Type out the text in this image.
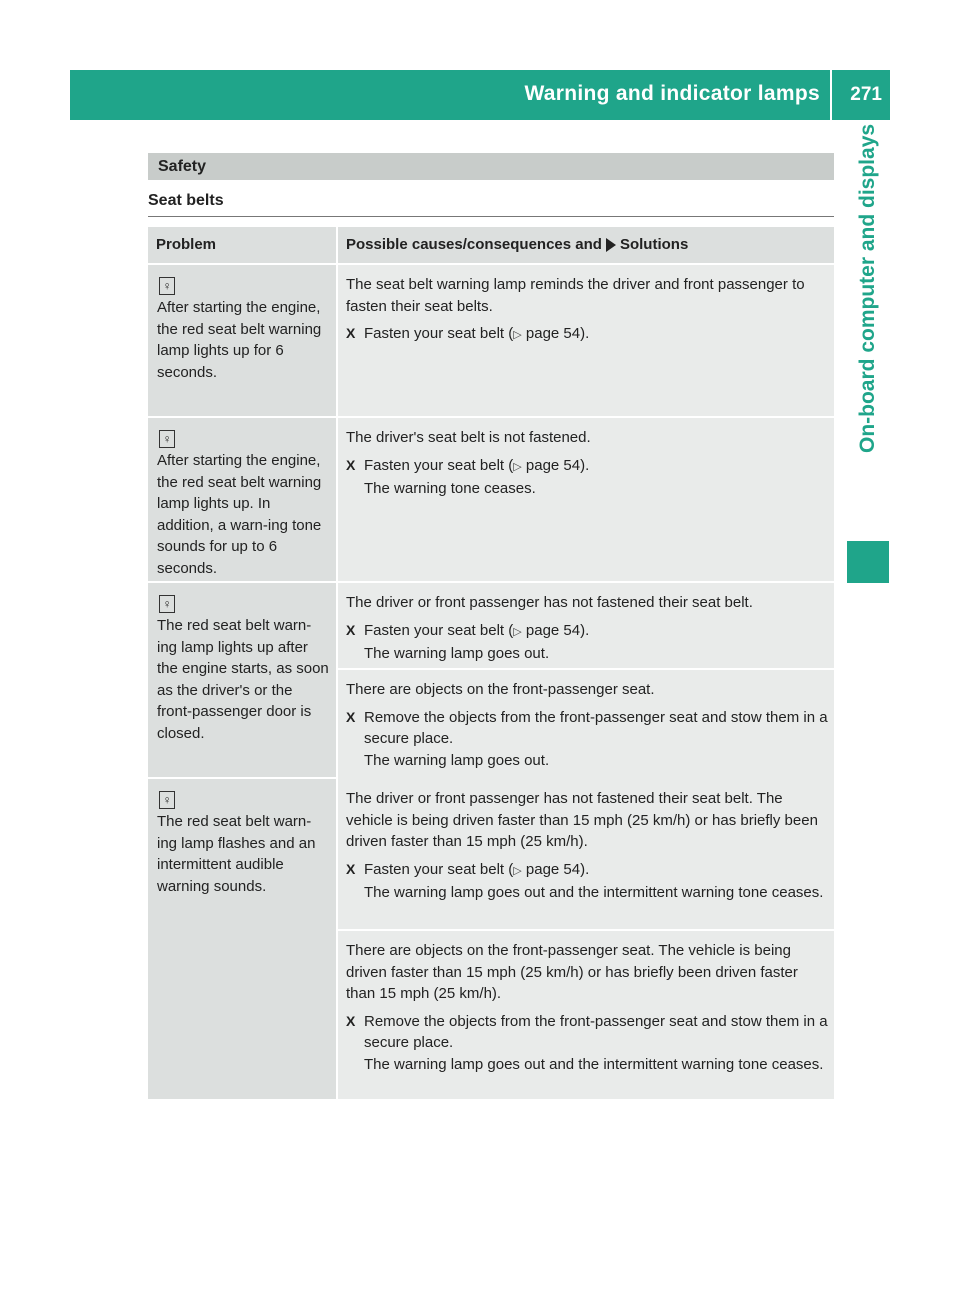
Warning and indicator lamps 271
On-board computer and displays
Safety
Seat belts
Problem	Possible causes/consequences and Solutions
♀
After starting the engine, the red seat belt warning lamp lights up for 6 seconds.
The seat belt warning lamp reminds the driver and front passenger to fasten their seat belts.
X Fasten your seat belt (▷ page 54).
♀
After starting the engine, the red seat belt warning lamp lights up. In addition, a warn-ing tone sounds for up to 6 seconds.
The driver's seat belt is not fastened.
X Fasten your seat belt (▷ page 54).
The warning tone ceases.
♀
The red seat belt warn-ing lamp lights up after the engine starts, as soon as the driver's or the front-passenger door is closed.
The driver or front passenger has not fastened their seat belt.
X Fasten your seat belt (▷ page 54).
The warning lamp goes out.
There are objects on the front-passenger seat.
X Remove the objects from the front-passenger seat and stow them in a secure place.
The warning lamp goes out.
♀
The red seat belt warn-ing lamp flashes and an intermittent audible warning sounds.
The driver or front passenger has not fastened their seat belt. The vehicle is being driven faster than 15 mph (25 km/h) or has briefly been driven faster than 15 mph (25 km/h).
X Fasten your seat belt (▷ page 54).
The warning lamp goes out and the intermittent warning tone ceases.
There are objects on the front-passenger seat. The vehicle is being driven faster than 15 mph (25 km/h) or has briefly been driven faster than 15 mph (25 km/h).
X Remove the objects from the front-passenger seat and stow them in a secure place.
The warning lamp goes out and the intermittent warning tone ceases.
